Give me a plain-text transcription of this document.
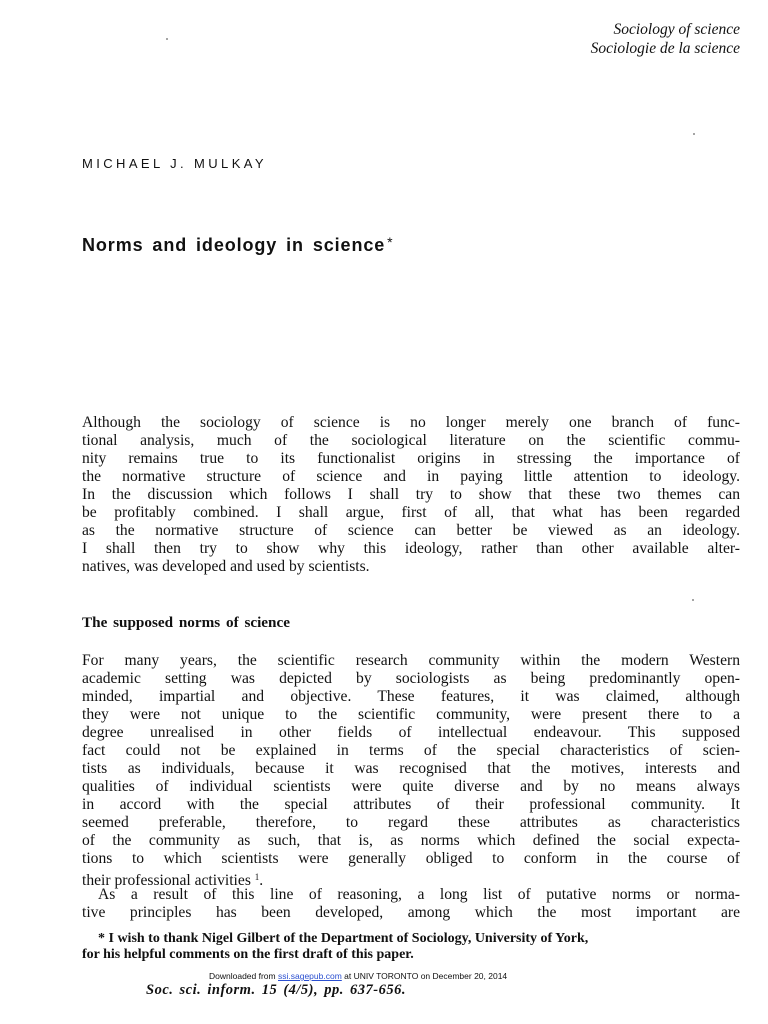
Sociology of science
Sociologie de la science
MICHAEL J. MULKAY
Norms and ideology in science *
Although the sociology of science is no longer merely one branch of func-
tional analysis, much of the sociological literature on the scientific commu-
nity remains true to its functionalist origins in stressing the importance of
the normative structure of science and in paying little attention to ideology.
In the discussion which follows I shall try to show that these two themes can
be profitably combined. I shall argue, first of all, that what has been regarded
as the normative structure of science can better be viewed as an ideology.
I shall then try to show why this ideology, rather than other available alter-
natives, was developed and used by scientists.
The supposed norms of science
For many years, the scientific research community within the modern Western
academic setting was depicted by sociologists as being predominantly open-
minded, impartial and objective. These features, it was claimed, although
they were not unique to the scientific community, were present there to a
degree unrealised in other fields of intellectual endeavour. This supposed
fact could not be explained in terms of the special characteristics of scien-
tists as individuals, because it was recognised that the motives, interests and
qualities of individual scientists were quite diverse and by no means always
in accord with the special attributes of their professional community. It
seemed preferable, therefore, to regard these attributes as characteristics
of the community as such, that is, as norms which defined the social expecta-
tions to which scientists were generally obliged to conform in the course of
their professional activities $^1$.
As a result of this line of reasoning, a long list of putative norms or norma-
tive principles has been developed, among which the most important are
* I wish to thank Nigel Gilbert of the Department of Sociology, University of York,
for his helpful comments on the first draft of this paper.
Downloaded from ssi.sagepub.com at UNIV TORONTO on December 20, 2014
Soc. sci. inform. 15 (4/5), pp. 637-656.
